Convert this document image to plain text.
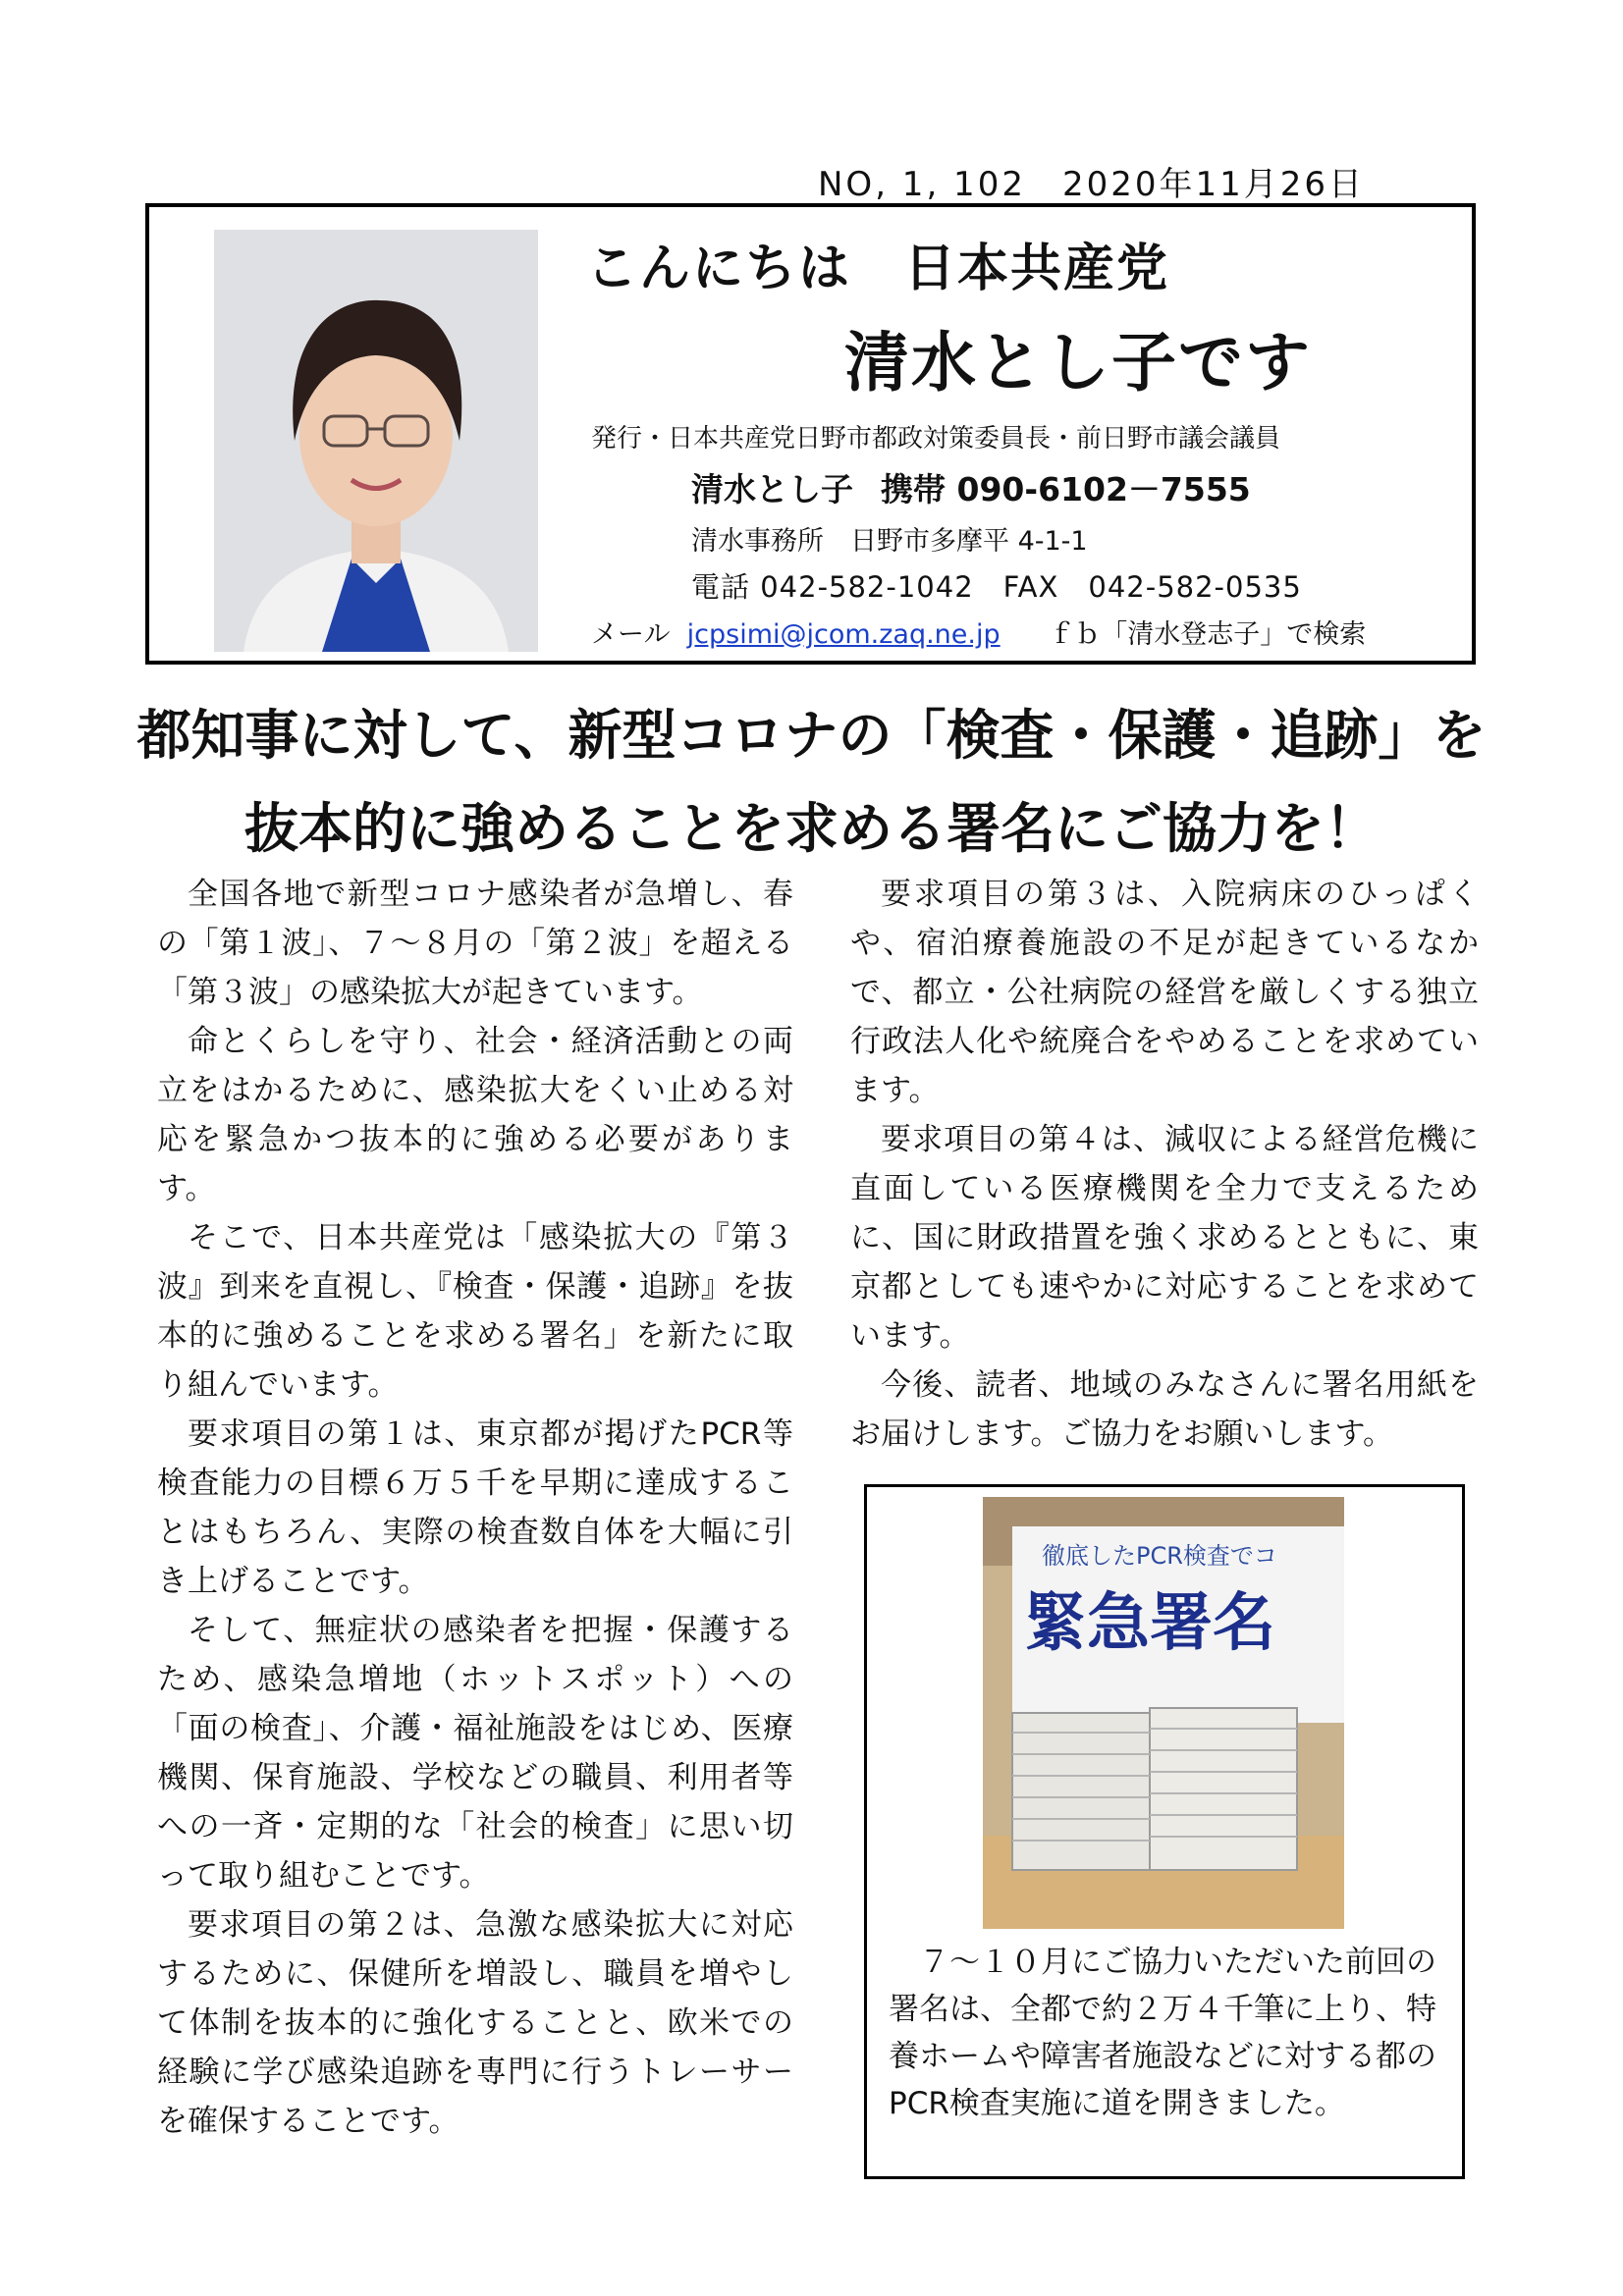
NO, 1, 102　2020年11月26日
こんにちは　日本共産党
清水とし子です
発行・日本共産党日野市都政対策委員長・前日野市議会議員
清水とし子 携帯 090-6102－7555
清水事務所　日野市多摩平 4-1-1
電話 042-582-1042　FAX　042-582-0535
メール jcpsimi@jcom.zaq.ne.jp ｆｂ「清水登志子」で検索
都知事に対して、新型コロナの「検査・保護・追跡」を
抜本的に強めることを求める署名にご協力を！

全国各地で新型コロナ感染者が急増し、春の「第１波」、７～８月の「第２波」を超える「第３波」の感染拡大が起きています。

命とくらしを守り、社会・経済活動との両立をはかるために、感染拡大をくい止める対応を緊急かつ抜本的に強める必要があります。

そこで、日本共産党は「感染拡大の『第３波』到来を直視し、『検査・保護・追跡』を抜本的に強めることを求める署名」を新たに取り組んでいます。

要求項目の第１は、東京都が掲げたPCR等検査能力の目標６万５千を早期に達成することはもちろん、実際の検査数自体を大幅に引き上げることです。

そして、無症状の感染者を把握・保護するため、感染急増地（ホットスポット）への「面の検査」、介護・福祉施設をはじめ、医療機関、保育施設、学校などの職員、利用者等への一斉・定期的な「社会的検査」に思い切って取り組むことです。

要求項目の第２は、急激な感染拡大に対応するために、保健所を増設し、職員を増やして体制を抜本的に強化することと、欧米での経験に学び感染追跡を専門に行うトレーサーを確保することです。

要求項目の第３は、入院病床のひっぱくや、宿泊療養施設の不足が起きているなかで、都立・公社病院の経営を厳しくする独立行政法人化や統廃合をやめることを求めています。

要求項目の第４は、減収による経営危機に直面している医療機関を全力で支えるために、国に財政措置を強く求めるとともに、東京都としても速やかに対応することを求めています。

今後、読者、地域のみなさんに署名用紙をお届けします。ご協力をお願いします。

徹底したPCR検査でコ
緊急署名

７～１０月にご協力いただいた前回の署名は、全都で約２万４千筆に上り、特養ホームや障害者施設などに対する都のPCR検査実施に道を開きました。
